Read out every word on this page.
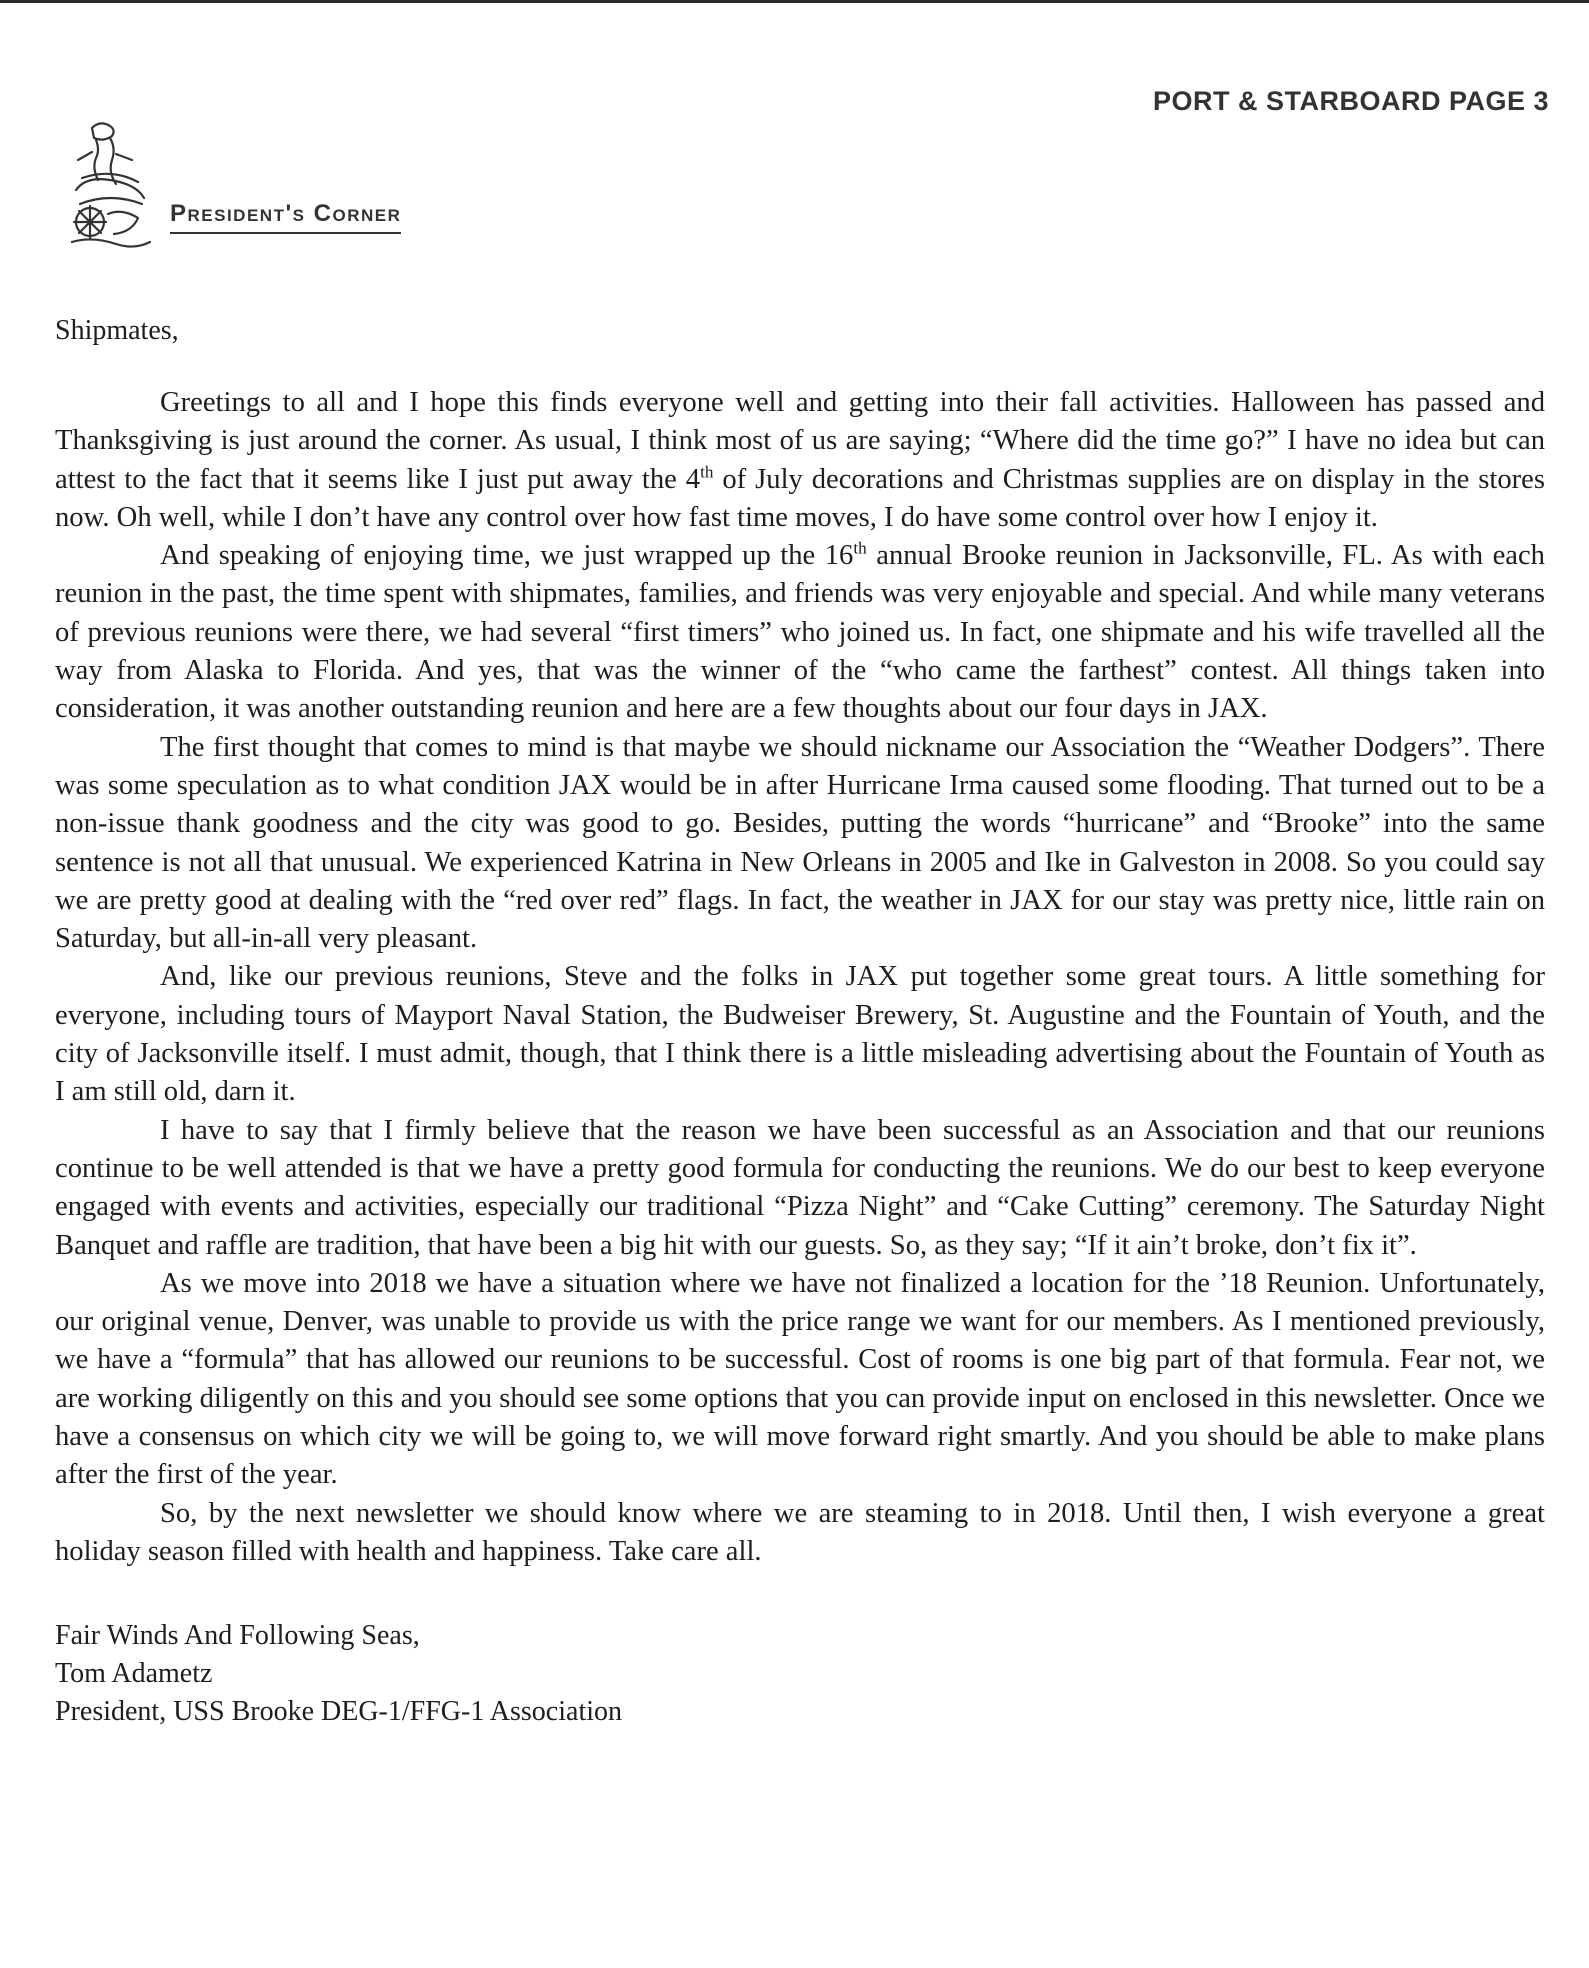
PORT & STARBOARD PAGE 3
President's Corner

Shipmates,

Greetings to all and I hope this finds everyone well and getting into their fall activities. Halloween has passed and Thanksgiving is just around the corner. As usual, I think most of us are saying; “Where did the time go?” I have no idea but can attest to the fact that it seems like I just put away the 4th of July decorations and Christmas supplies are on display in the stores now. Oh well, while I don’t have any control over how fast time moves, I do have some control over how I enjoy it.

And speaking of enjoying time, we just wrapped up the 16th annual Brooke reunion in Jacksonville, FL. As with each reunion in the past, the time spent with shipmates, families, and friends was very enjoyable and special. And while many veterans of previous reunions were there, we had several “first timers” who joined us. In fact, one shipmate and his wife travelled all the way from Alaska to Florida. And yes, that was the winner of the “who came the farthest” contest. All things taken into consideration, it was another outstanding reunion and here are a few thoughts about our four days in JAX.

The first thought that comes to mind is that maybe we should nickname our Association the “Weather Dodgers”. There was some speculation as to what condition JAX would be in after Hurricane Irma caused some flooding. That turned out to be a non-issue thank goodness and the city was good to go. Besides, putting the words “hurricane” and “Brooke” into the same sentence is not all that unusual. We experienced Katrina in New Orleans in 2005 and Ike in Galveston in 2008. So you could say we are pretty good at dealing with the “red over red” flags. In fact, the weather in JAX for our stay was pretty nice, little rain on Saturday, but all-in-all very pleasant.

And, like our previous reunions, Steve and the folks in JAX put together some great tours. A little something for everyone, including tours of Mayport Naval Station, the Budweiser Brewery, St. Augustine and the Fountain of Youth, and the city of Jacksonville itself. I must admit, though, that I think there is a little misleading advertising about the Fountain of Youth as I am still old, darn it.

I have to say that I firmly believe that the reason we have been successful as an Association and that our reunions continue to be well attended is that we have a pretty good formula for conducting the reunions. We do our best to keep everyone engaged with events and activities, especially our traditional “Pizza Night” and “Cake Cutting” ceremony. The Saturday Night Banquet and raffle are tradition, that have been a big hit with our guests. So, as they say; “If it ain’t broke, don’t fix it”.

As we move into 2018 we have a situation where we have not finalized a location for the ’18 Reunion. Unfortunately, our original venue, Denver, was unable to provide us with the price range we want for our members. As I mentioned previously, we have a “formula” that has allowed our reunions to be successful. Cost of rooms is one big part of that formula. Fear not, we are working diligently on this and you should see some options that you can provide input on enclosed in this newsletter. Once we have a consensus on which city we will be going to, we will move forward right smartly. And you should be able to make plans after the first of the year.

So, by the next newsletter we should know where we are steaming to in 2018. Until then, I wish everyone a great holiday season filled with health and happiness. Take care all.

Fair Winds And Following Seas,
Tom Adametz
President, USS Brooke DEG-1/FFG-1 Association
